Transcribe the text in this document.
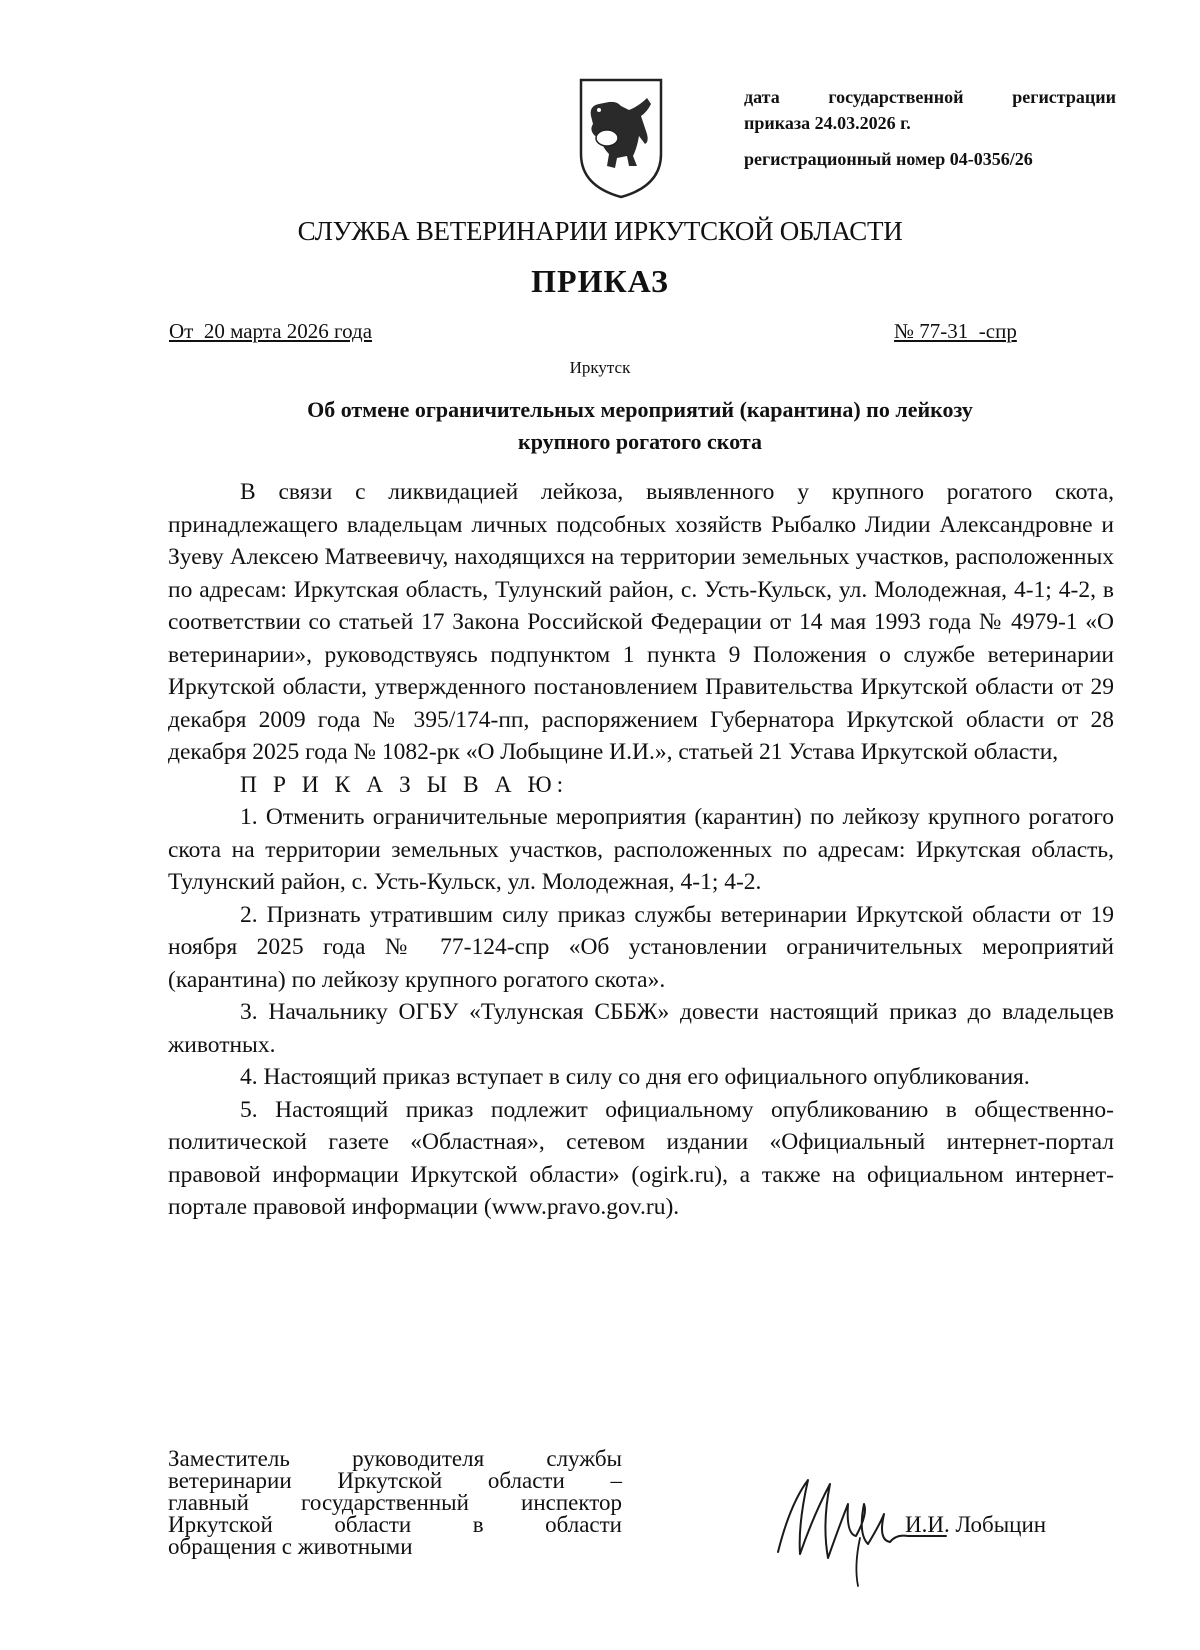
дата	государственной	регистрации
приказа 24.03.2026 г.
регистрационный номер 04-0356/26
СЛУЖБА ВЕТЕРИНАРИИ ИРКУТСКОЙ ОБЛАСТИ
ПРИКАЗ
От  20 марта 2026 года	№ 77-31  -спр
Иркутск
Об отмене ограничительных мероприятий (карантина) по лейкозу
крупного рогатого скота

В связи с ликвидацией лейкоза, выявленного у крупного рогатого скота, принадлежащего владельцам личных подсобных хозяйств Рыбалко Лидии Александровне и Зуеву Алексею Матвеевичу, находящихся на территории земельных участков, расположенных по адресам: Иркутская область, Тулунский район, с. Усть-Кульск, ул. Молодежная, 4-1; 4-2, в соответствии со статьей 17 Закона Российской Федерации от 14 мая 1993 года № 4979-1 «О ветеринарии», руководствуясь подпунктом 1 пункта 9 Положения о службе ветеринарии Иркутской области, утвержденного постановлением Правительства Иркутской области от 29 декабря 2009 года № 395/174-пп, распоряжением Губернатора Иркутской области от 28 декабря 2025 года № 1082-рк «О Лобыцине И.И.», статьей 21 Устава Иркутской области,

П Р И К А З Ы В А Ю:

1. Отменить ограничительные мероприятия (карантин) по лейкозу крупного рогатого скота на территории земельных участков, расположенных по адресам: Иркутская область, Тулунский район, с. Усть-Кульск, ул. Молодежная, 4-1; 4-2.

2. Признать утратившим силу приказ службы ветеринарии Иркутской области от 19 ноября 2025 года № 77-124-спр «Об установлении ограничительных мероприятий (карантина) по лейкозу крупного рогатого скота».

3. Начальнику ОГБУ «Тулунская СББЖ» довести настоящий приказ до владельцев животных.

4. Настоящий приказ вступает в силу со дня его официального опубликования.

5. Настоящий приказ подлежит официальному опубликованию в общественно-политической газете «Областная», сетевом издании «Официальный интернет-портал правовой информации Иркутской области» (ogirk.ru), а также на официальном интернет-портале правовой информации (www.pravo.gov.ru).

Заместитель руководителя службы
ветеринарии Иркутской области –
главный государственный инспектор
Иркутской области в области
обращения с животными
И.И. Лобыцин
